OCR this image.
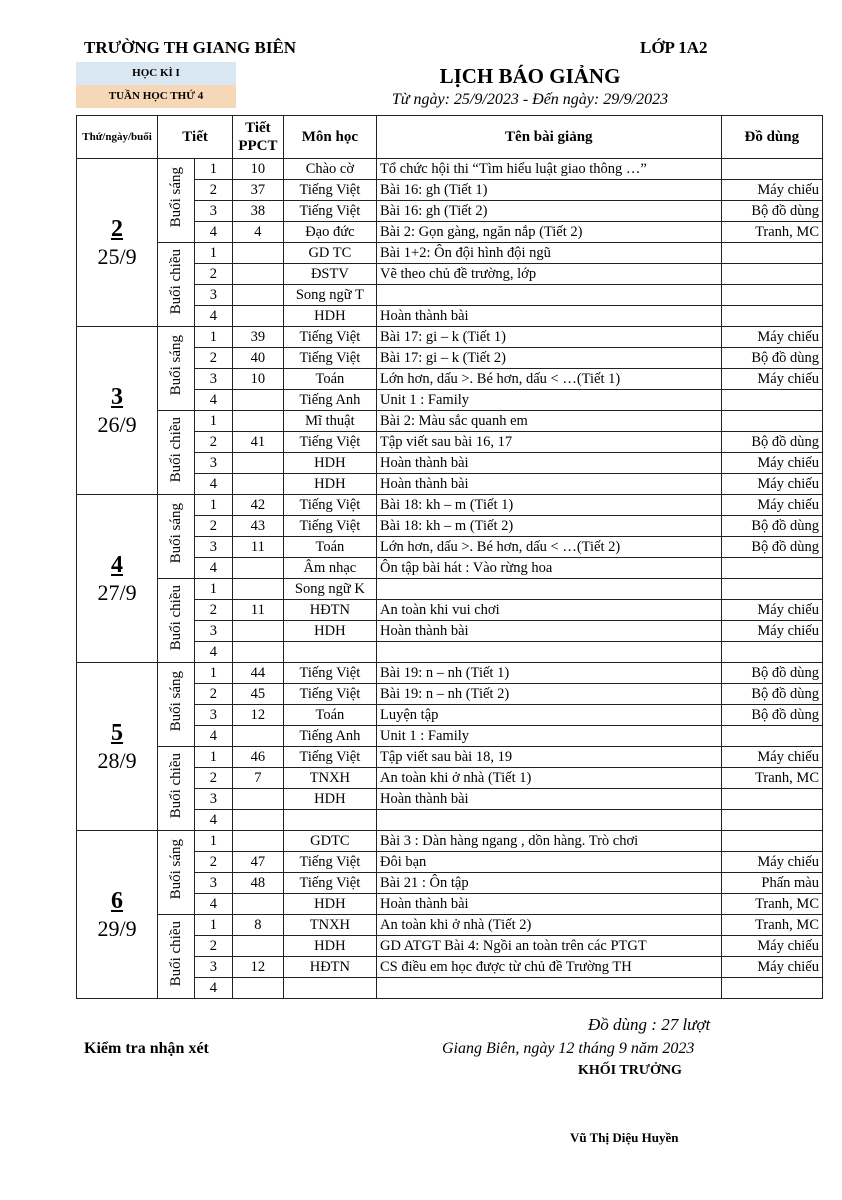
TRƯỜNG TH GIANG BIÊN	LỚP 1A2
HỌC KÌ I
TUẦN HỌC THỨ 4
LỊCH BÁO GIẢNG
Từ ngày: 25/9/2023 - Đến ngày: 29/9/2023
Thứ/ngày/buổi	Tiết		Tiết
PPCT	Môn học	Tên bài giảng	Đồ dùng

2
25/9	Buổi sáng	1	10	Chào cờ	Tổ chức hội thi “Tìm hiểu luật giao thông …”	
		2	37	Tiếng Việt	Bài 16: gh (Tiết 1)	Máy chiếu
		3	38	Tiếng Việt	Bài 16: gh (Tiết 2)	Bộ đồ dùng
		4	4	Đạo đức	Bài 2: Gọn gàng, ngăn nắp (Tiết 2)	Tranh, MC
	Buổi chiều	1		GD TC	Bài 1+2: Ôn đội hình đội ngũ	
		2		ĐSTV	Vẽ theo chủ đề trường, lớp	
		3		Song ngữ T		
		4		HDH	Hoàn thành bài	

3
26/9	Buổi sáng	1	39	Tiếng Việt	Bài 17: gi – k (Tiết 1)	Máy chiếu
		2	40	Tiếng Việt	Bài 17: gi – k (Tiết 2)	Bộ đồ dùng
		3	10	Toán	Lớn hơn, dấu >. Bé hơn, dấu < …(Tiết 1)	Máy chiếu
		4		Tiếng Anh	Unit 1 : Family	
	Buổi chiều	1		Mĩ thuật	Bài 2: Màu sắc quanh em	
		2	41	Tiếng Việt	Tập viết sau bài 16, 17	Bộ đồ dùng
		3		HDH	Hoàn thành bài	Máy chiếu
		4		HDH	Hoàn thành bài	Máy chiếu

4
27/9	Buổi sáng	1	42	Tiếng Việt	Bài 18: kh – m (Tiết 1)	Máy chiếu
		2	43	Tiếng Việt	Bài 18: kh – m (Tiết 2)	Bộ đồ dùng
		3	11	Toán	Lớn hơn, dấu >. Bé hơn, dấu < …(Tiết 2)	Bộ đồ dùng
		4		Âm nhạc	Ôn tập bài hát : Vào rừng hoa	
	Buổi chiều	1		Song ngữ K		
		2	11	HĐTN	An toàn khi vui chơi	Máy chiếu
		3		HDH	Hoàn thành bài	Máy chiếu
		4				

5
28/9	Buổi sáng	1	44	Tiếng Việt	Bài 19: n – nh (Tiết 1)	Bộ đồ dùng
		2	45	Tiếng Việt	Bài 19: n – nh (Tiết 2)	Bộ đồ dùng
		3	12	Toán	Luyện tập	Bộ đồ dùng
		4		Tiếng Anh	Unit 1 : Family	
	Buổi chiều	1	46	Tiếng Việt	Tập viết sau bài 18, 19	Máy chiếu
		2	7	TNXH	An toàn khi ở nhà (Tiết 1)	Tranh, MC
		3		HDH	Hoàn thành bài	
		4				

6
29/9	Buổi sáng	1		GDTC	Bài 3 : Dàn hàng ngang , dồn hàng. Trò chơi	
		2	47	Tiếng Việt	Đôi bạn	Máy chiếu
		3	48	Tiếng Việt	Bài 21 : Ôn tập	Phấn màu
		4		HDH	Hoàn thành bài	Tranh, MC
	Buổi chiều	1	8	TNXH	An toàn khi ở nhà (Tiết 2)	Tranh, MC
		2		HDH	GD ATGT Bài 4: Ngồi an toàn trên các PTGT	Máy chiếu
		3	12	HĐTN	CS điều em học được từ chủ đề Trường TH	Máy chiếu
		4				
Đồ dùng : 27 lượt
Kiểm tra nhận xét	Giang Biên, ngày 12 tháng 9 năm 2023
KHỐI TRƯỞNG
Vũ Thị Diệu Huyền
